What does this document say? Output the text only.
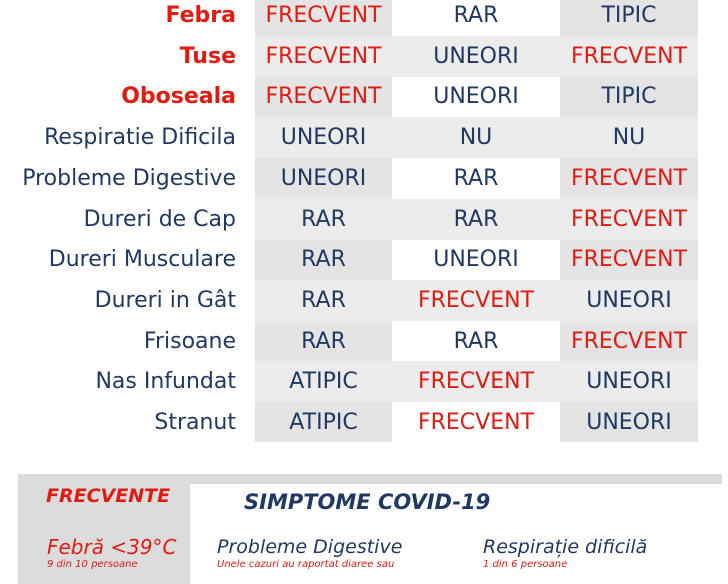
Febra	FRECVENT	RAR	TIPIC
Tuse	FRECVENT	UNEORI	FRECVENT
Oboseala	FRECVENT	UNEORI	TIPIC
Respiratie Dificila	UNEORI	NU	NU
Probleme Digestive	UNEORI	RAR	FRECVENT
Dureri de Cap	RAR	RAR	FRECVENT
Dureri Musculare	RAR	UNEORI	FRECVENT
Dureri in Gât	RAR	FRECVENT	UNEORI
Frisoane	RAR	RAR	FRECVENT
Nas Infundat	ATIPIC	FRECVENT	UNEORI
Stranut	ATIPIC	FRECVENT	UNEORI
FRECVENTE	SIMPTOME COVID-19
Febră <39°C
9 din 10 persoane
Probleme Digestive
Unele cazuri au raportat diaree sau
Respirație dificilă
1 din 6 persoane
